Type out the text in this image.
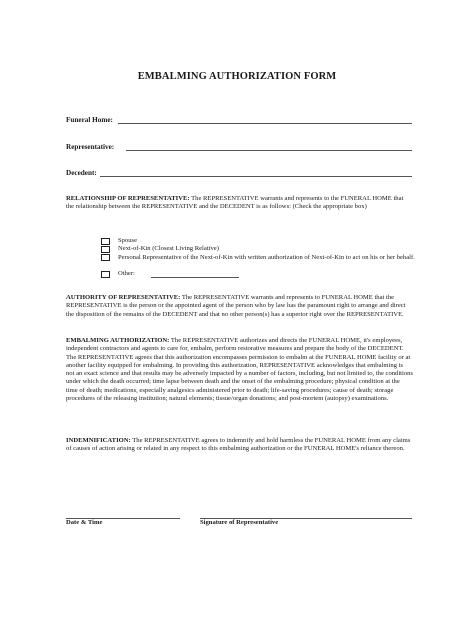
EMBALMING AUTHORIZATION FORM
Funeral Home:
Representative:
Decedent:

RELATIONSHIP OF REPRESENTATIVE: The REPRESENTATIVE warrants and represents to the FUNERAL HOME that the relationship between the REPRESENTATIVE and the DECEDENT is as follows: (Check the appropriate box)

Spouse
Next-of-Kin (Closest Living Relative)
Personal Representative of the Next-of-Kin with written authorization of Next-of-Kin to act on his or her behalf.
Other:

AUTHORITY OF REPRESENTATIVE: The REPRESENTATIVE warrants and represents to FUNERAL HOME that the REPRESENTATIVE is the person or the appointed agent of the person who by law has the paramount right to arrange and direct the disposition of the remains of the DECEDENT and that no other person(s) has a superior right over the REPRESENTATIVE.

EMBALMING AUTHORIZATION: The REPRESENTATIVE authorizes and directs the FUNERAL HOME, it's employees, independent contractors and agents to care for, embalm, perform restorative measures and prepare the body of the DECEDENT. The REPRESENTATIVE agrees that this authorization encompasses permission to embalm at the FUNERAL HOME facility or at another facility equipped for embalming. In providing this authorization, REPRESENTATIVE acknowledges that embalming is not an exact science and that results may be adversely impacted by a number of factors, including, but not limited to, the conditions under which the death occurred; time lapse between death and the onset of the embalming procedure; physical condition at the time of death; medications, especially analgesics administered prior to death; life-saving procedures; cause of death; storage procedures of the releasing institution; natural elements; tissue/organ donations; and post-mortem (autopsy) examinations.

INDEMNIFICATION: The REPRESENTATIVE agrees to indemnify and hold harmless the FUNERAL HOME from any claims of causes of action arising or related in any respect to this embalming authorization or the FUNERAL HOME's reliance thereon.

Date & Time	Signature of Representative
